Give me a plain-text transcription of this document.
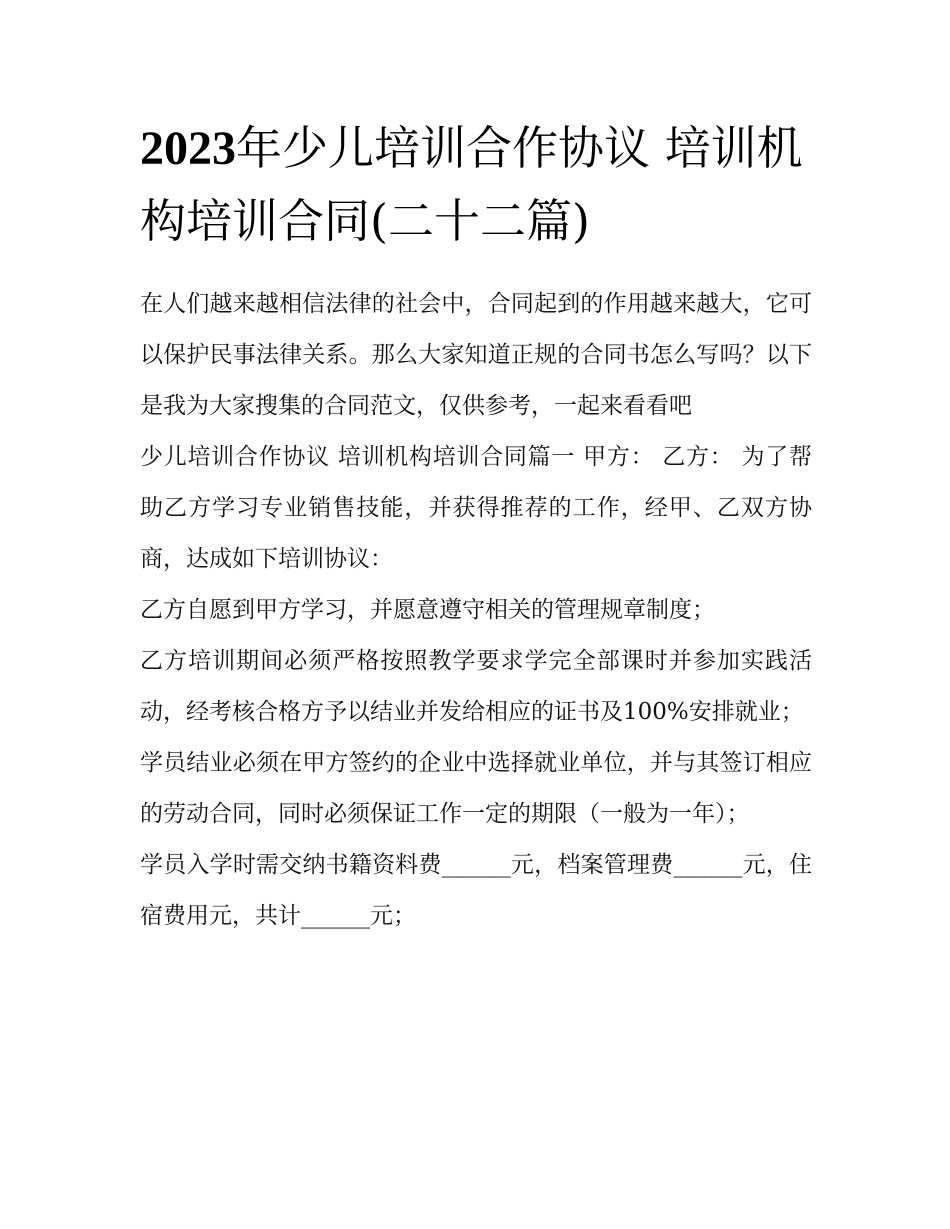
2023年少儿培训合作协议 培训机构培训合同(二十二篇)

在人们越来越相信法律的社会中，合同起到的作用越来越大，它可以保护民事法律关系。那么大家知道正规的合同书怎么写吗？以下是我为大家搜集的合同范文，仅供参考，一起来看看吧

少儿培训合作协议 培训机构培训合同篇一 甲方： 乙方： 为了帮助乙方学习专业销售技能，并获得推荐的工作，经甲、乙双方协商，达成如下培训协议：

乙方自愿到甲方学习，并愿意遵守相关的管理规章制度；

乙方培训期间必须严格按照教学要求学完全部课时并参加实践活动，经考核合格方予以结业并发给相应的证书及100%安排就业；

学员结业必须在甲方签约的企业中选择就业单位，并与其签订相应的劳动合同，同时必须保证工作一定的期限（一般为一年）；

学员入学时需交纳书籍资料费______元，档案管理费______元，住宿费用元，共计______元；
